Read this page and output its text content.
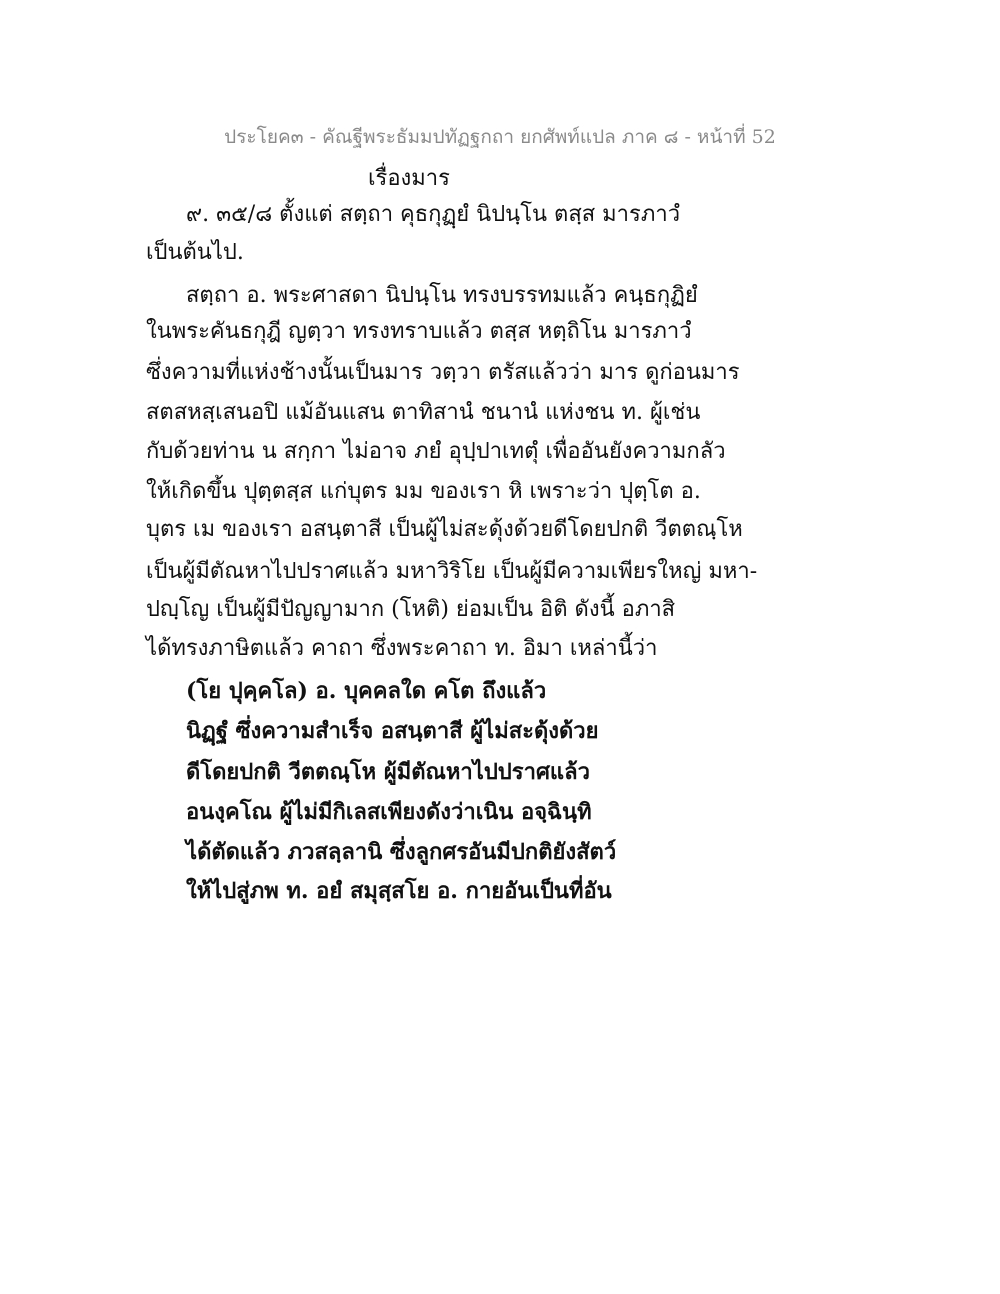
ประโยค๓ - คัณฐีพระธัมมปทัฏฐกถา ยกศัพท์แปล ภาค ๘ - หน้าที่ 52
เรื่องมาร
๙. ๓๕/๘ ตั้งแต่ สตฺถา คุธกุฏฺยํ นิปนฺโน ตสฺส มารภาวํ
เป็นต้นไป.
สตฺถา อ. พระศาสดา นิปนฺโน ทรงบรรทมแล้ว คนฺธกุฏิยํ
ในพระคันธกุฎี ญตฺวา ทรงทราบแล้ว ตสฺส หตฺถิโน มารภาวํ
ซึ่งความที่แห่งช้างนั้นเป็นมาร วตฺวา ตรัสแล้วว่า มาร ดูก่อนมาร
สตสหสฺเสนอปิ แม้อันแสน ตาทิสานํ ชนานํ แห่งชน ท. ผู้เช่น
กับด้วยท่าน น สกฺกา ไม่อาจ ภยํ อุปฺปาเทตุํ เพื่ออันยังความกลัว
ให้เกิดขึ้น ปุตฺตสฺส แก่บุตร มม ของเรา หิ เพราะว่า ปุตฺโต อ.
บุตร เม ของเรา อสนฺตาสี เป็นผู้ไม่สะดุ้งด้วยดีโดยปกติ วีตตณฺโห
เป็นผู้มีตัณหาไปปราศแล้ว มหาวิริโย เป็นผู้มีความเพียรใหญ่ มหา-
ปญฺโญ เป็นผู้มีปัญญามาก (โหติ) ย่อมเป็น อิติ ดังนี้ อภาสิ
ได้ทรงภาษิตแล้ว คาถา ซึ่งพระคาถา ท. อิมา เหล่านี้ว่า
(โย ปุคฺคโล) อ. บุคคลใด คโต ถึงแล้ว
นิฏฺฐํ ซึ่งความสำเร็จ อสนฺตาสี ผู้ไม่สะดุ้งด้วย
ดีโดยปกติ วีตตณฺโห ผู้มีตัณหาไปปราศแล้ว
อนงฺคโณ ผู้ไม่มีกิเลสเพียงดังว่าเนิน อจฺฉินฺทิ
ได้ตัดแล้ว ภวสลฺลานิ ซึ่งลูกศรอันมีปกติยังสัตว์
ให้ไปสู่ภพ ท. อยํ สมุสฺสโย อ. กายอันเป็นที่อัน
